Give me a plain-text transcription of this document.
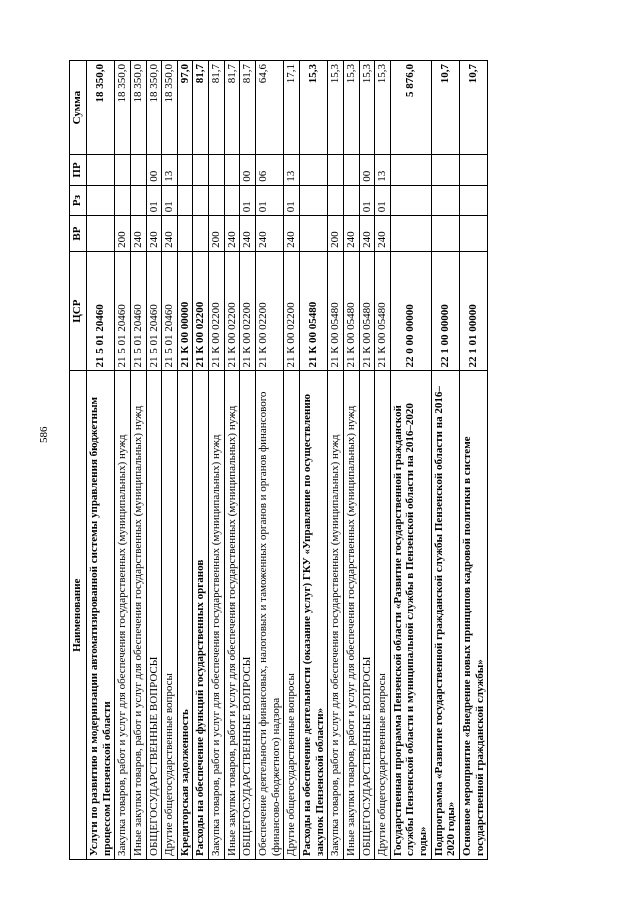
586
Наименование	ЦСР	ВР	Рз	ПР	Сумма
Услуги по развитию и модернизации автоматизированной системы управления бюджетным процессом Пензенской области	21 5 01 20460				18 350,0
Закупка товаров, работ и услуг для обеспечения государственных (муниципальных) нужд	21 5 01 20460	200			18 350,0
Иные закупки товаров, работ и услуг для обеспечения государственных (муниципальных) нужд	21 5 01 20460	240			18 350,0
ОБЩЕГОСУДАРСТВЕННЫЕ ВОПРОСЫ	21 5 01 20460	240	01	00	18 350,0
Другие общегосударственные вопросы	21 5 01 20460	240	01	13	18 350,0
Кредиторская задолженность	21 К 00 00000				97,0
Расходы на обеспечение функций государственных органов	21 К 00 02200				81,7
Закупка товаров, работ и услуг для обеспечения государственных (муниципальных) нужд	21 К 00 02200	200			81,7
Иные закупки товаров, работ и услуг для обеспечения государственных (муниципальных) нужд	21 К 00 02200	240			81,7
ОБЩЕГОСУДАРСТВЕННЫЕ ВОПРОСЫ	21 К 00 02200	240	01	00	81,7
Обеспечение деятельности финансовых, налоговых и таможенных органов и органов финансового (финансово-бюджетного) надзора	21 К 00 02200	240	01	06	64,6
Другие общегосударственные вопросы	21 К 00 02200	240	01	13	17,1
Расходы на обеспечение деятельности (оказание услуг) ГКУ «Управление по осуществлению закупок Пензенской области»	21 К 00 05480				15,3
Закупка товаров, работ и услуг для обеспечения государственных (муниципальных) нужд	21 К 00 05480	200			15,3
Иные закупки товаров, работ и услуг для обеспечения государственных (муниципальных) нужд	21 К 00 05480	240			15,3
ОБЩЕГОСУДАРСТВЕННЫЕ ВОПРОСЫ	21 К 00 05480	240	01	00	15,3
Другие общегосударственные вопросы	21 К 00 05480	240	01	13	15,3
Государственная программа Пензенской области «Развитие государственной гражданской службы Пензенской области и муниципальной службы в Пензенской области на 2016–2020 годы»	22 0 00 00000				5 876,0
Подпрограмма «Развитие государственной гражданской службы Пензенской области на 2016–2020 годы»	22 1 00 00000				10,7
Основное мероприятие «Внедрение новых принципов кадровой политики в системе государственной гражданской службы»	22 1 01 00000				10,7
